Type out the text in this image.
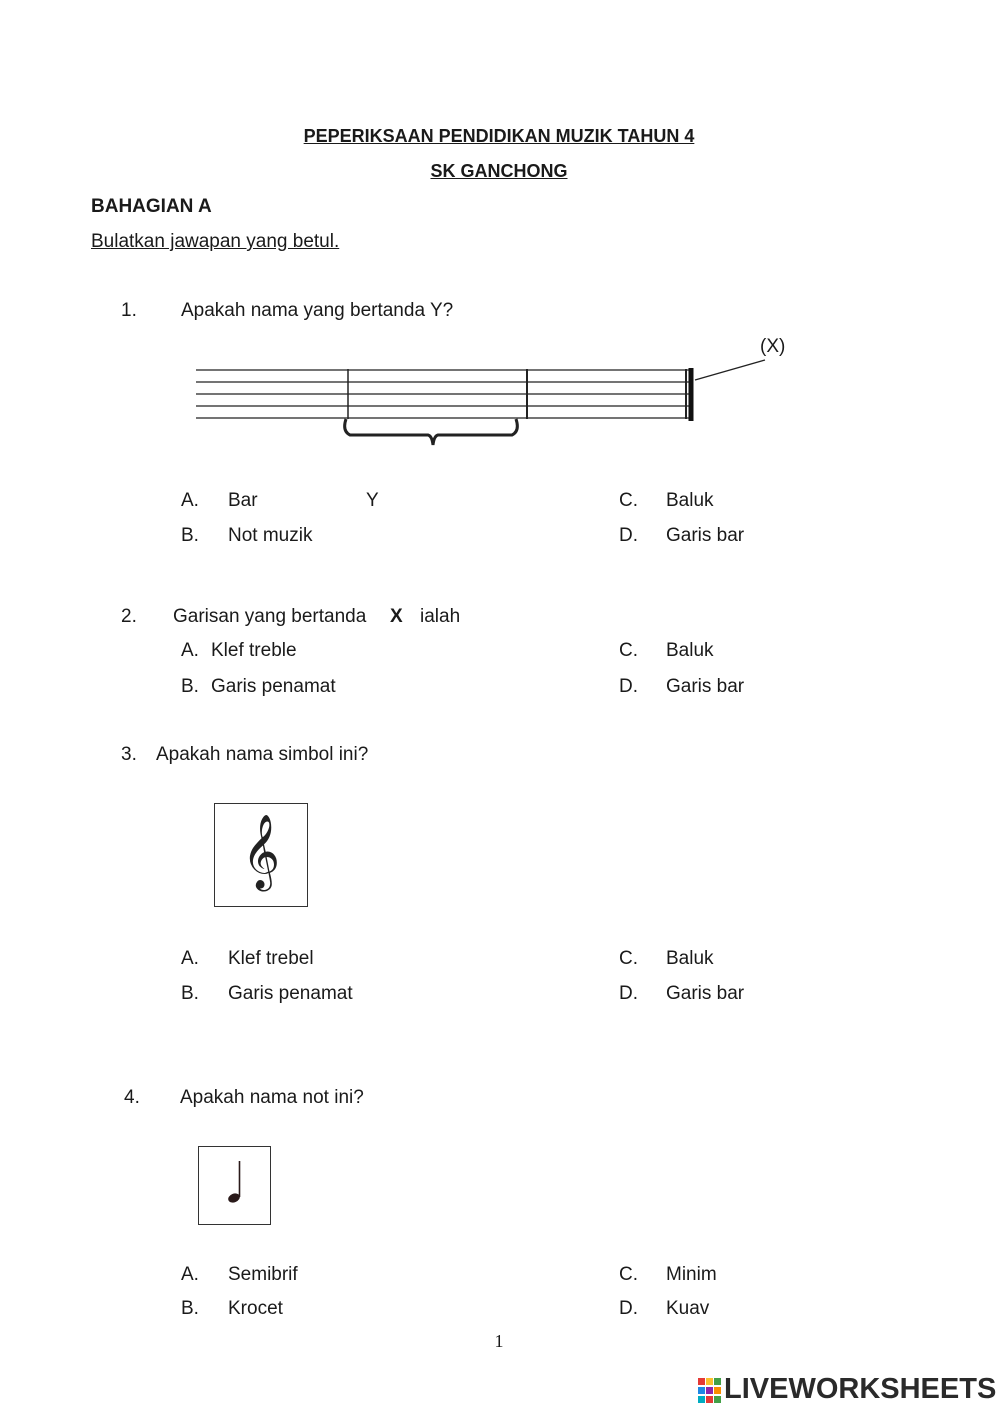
PEPERIKSAAN PENDIDIKAN MUZIK TAHUN 4
SK GANCHONG
BAHAGIAN A
Bulatkan jawapan yang betul.
1. Apakah nama yang bertanda Y?
(X)
Y
A. Bar
B. Not muzik
C. Baluk
D. Garis bar
2. Garisan yang bertanda X ialah
A. Klef treble
B. Garis penamat
C. Baluk
D. Garis bar
3. Apakah nama simbol ini?
𝄞
A. Klef trebel
B. Garis penamat
C. Baluk
D. Garis bar
4. Apakah nama not ini?
A. Semibrif
B. Krocet
C. Minim
D. Kuav
1
LIVEWORKSHEETS
